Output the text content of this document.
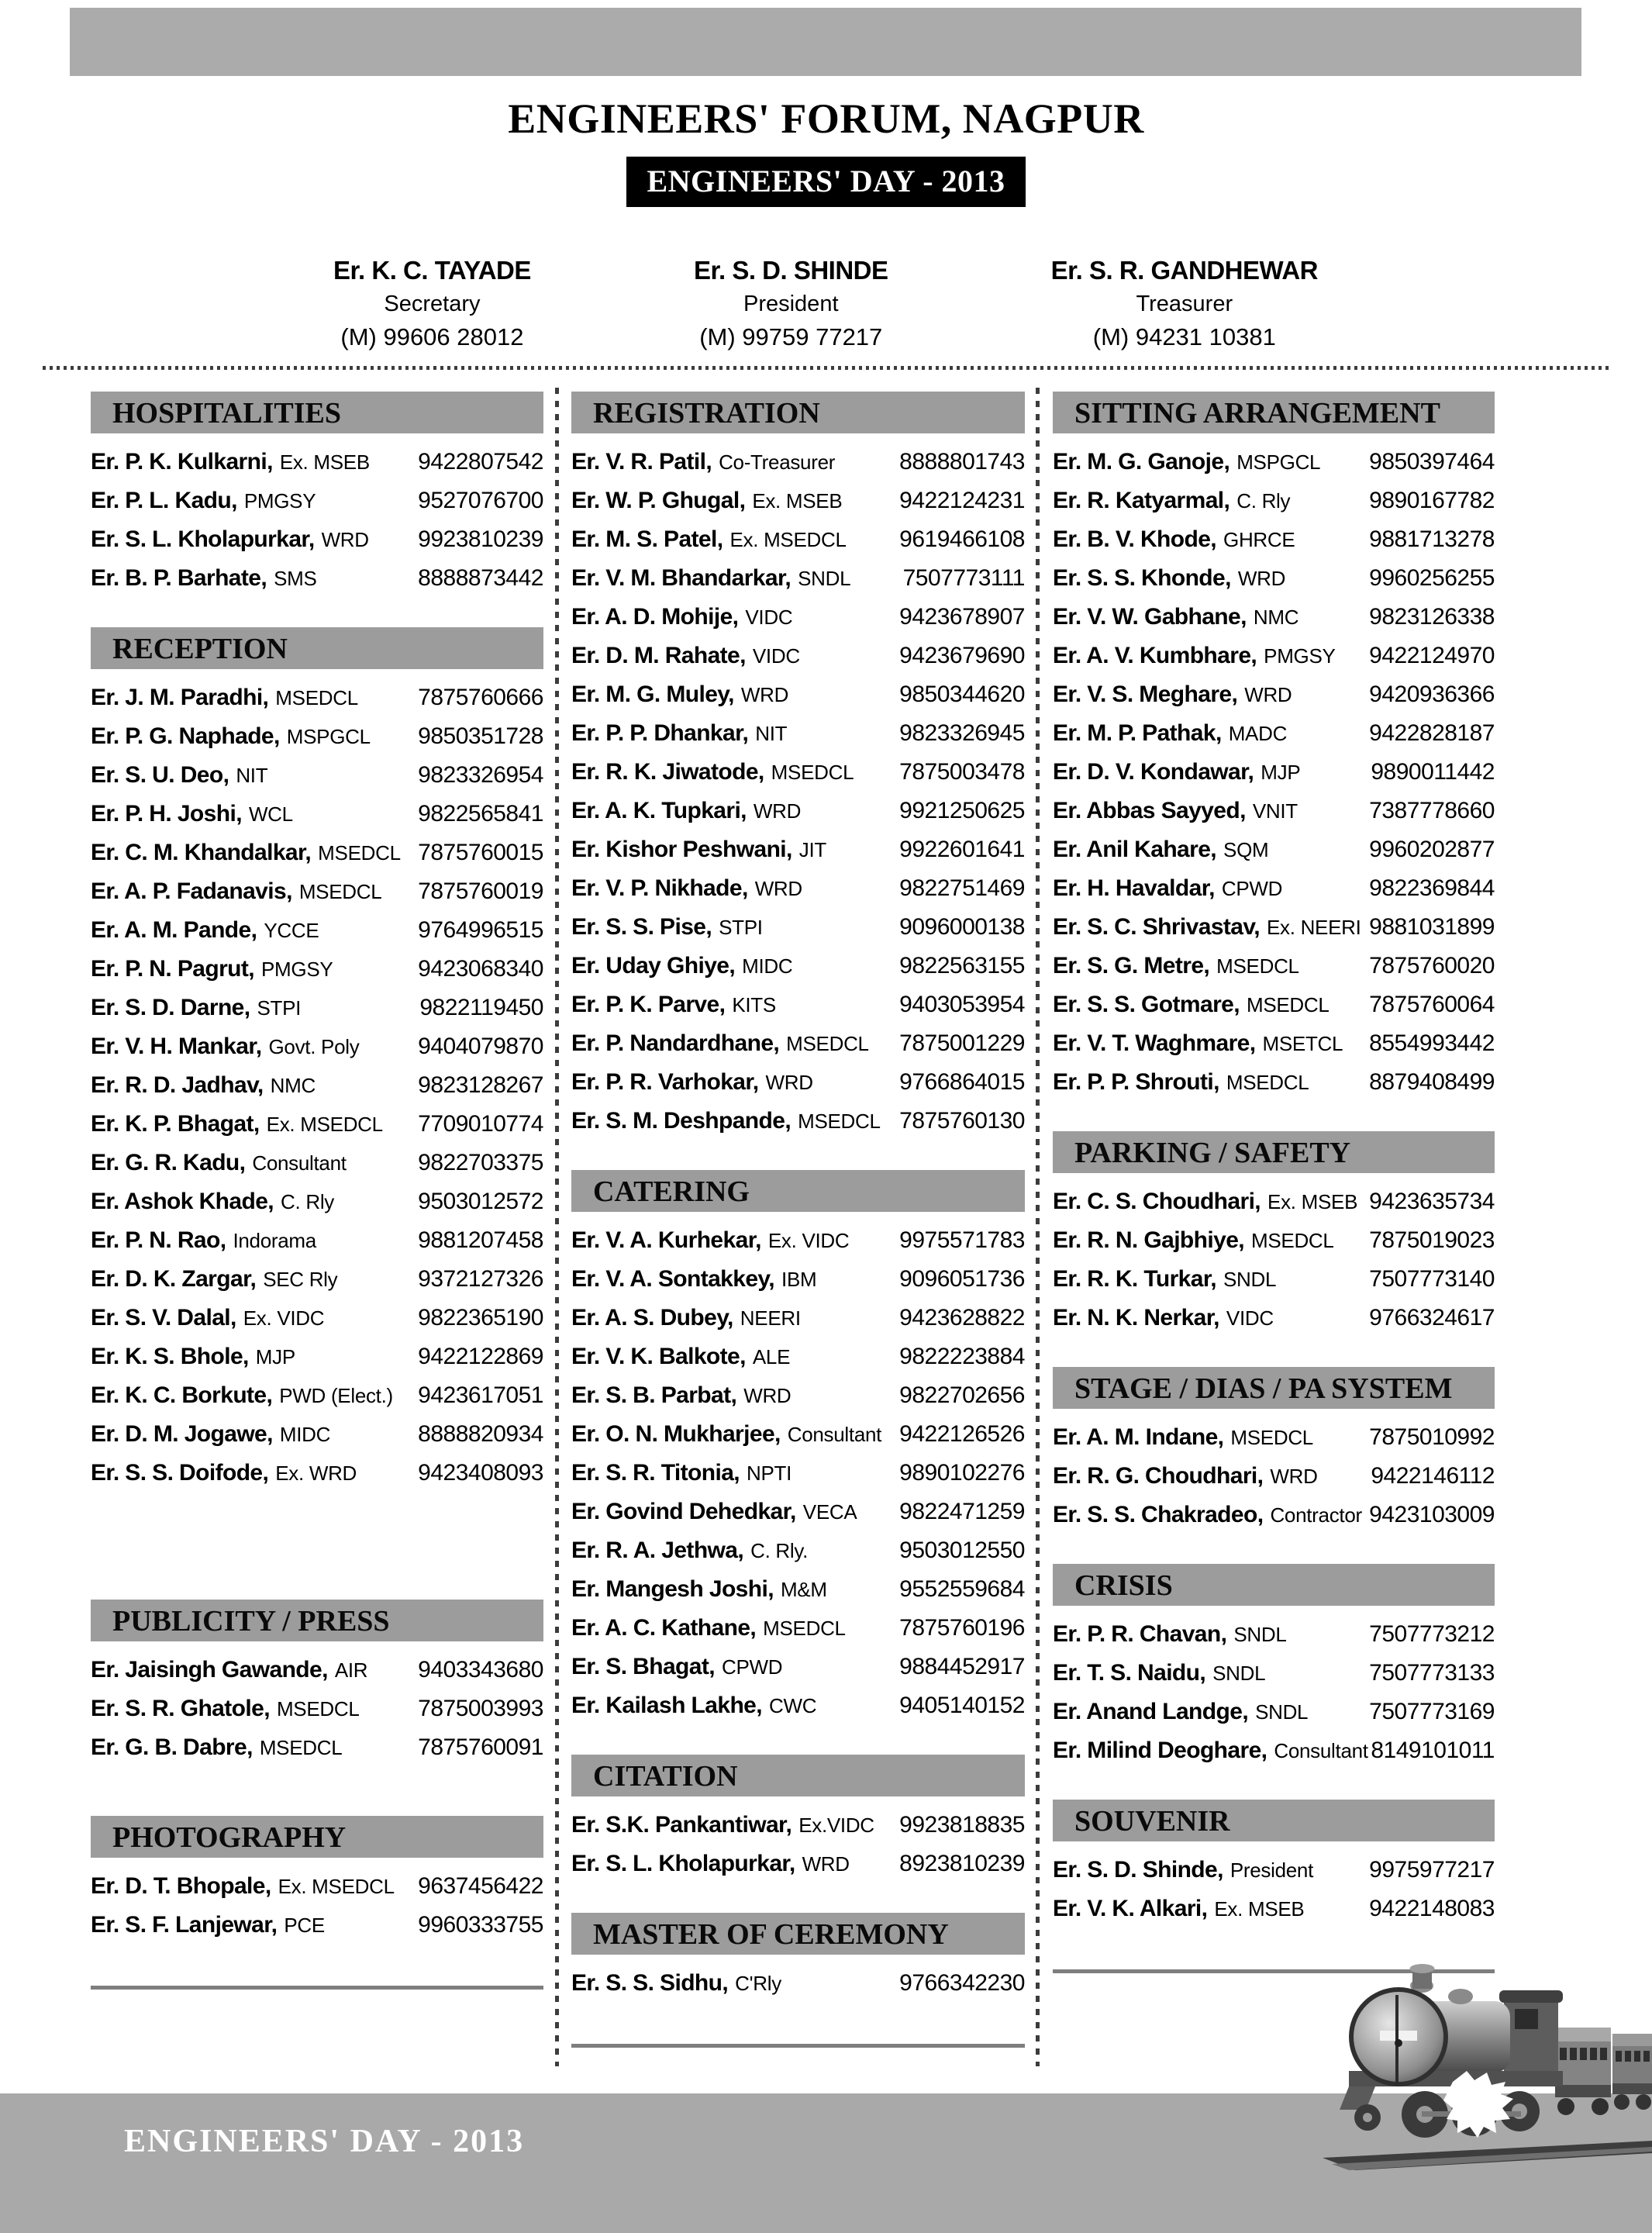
ENGINEERS' FORUM, NAGPUR
ENGINEERS' DAY - 2013
Er. K. C. TAYADE
Secretary
(M) 99606 28012
Er. S. D. SHINDE
President
(M) 99759 77217
Er. S. R. GANDHEWAR
Treasurer
(M) 94231 10381
HOSPITALITIES
Er. P. K. Kulkarni, Ex. MSEB 9422807542
Er. P. L. Kadu, PMGSY	9527076700
Er. S. L. Kholapurkar, WRD 9923810239
Er. B. P. Barhate, SMS	8888873442
RECEPTION
Er. J. M. Paradhi, MSEDCL	7875760666
Er. P. G. Naphade, MSPGCL 9850351728
Er. S. U. Deo, NIT	9823326954
Er. P. H. Joshi, WCL	9822565841
Er. C. M. Khandalkar, MSEDCL 7875760015
Er. A. P. Fadanavis, MSEDCL 7875760019
Er. A. M. Pande, YCCE	9764996515
Er. P. N. Pagrut, PMGSY	9423068340
Er. S. D. Darne, STPI	9822119450
Er. V. H. Mankar, Govt. Poly	9404079870
Er. R. D. Jadhav, NMC	9823128267
Er. K. P. Bhagat, Ex. MSEDCL 7709010774
Er. G. R. Kadu, Consultant	9822703375
Er. Ashok Khade, C. Rly	9503012572
Er. P. N. Rao, Indorama	9881207458
Er. D. K. Zargar, SEC Rly	9372127326
Er. S. V. Dalal, Ex. VIDC	9822365190
Er. K. S. Bhole, MJP	9422122869
Er. K. C. Borkute, PWD (Elect.) 9423617051
Er. D. M. Jogawe, MIDC	8888820934
Er. S. S. Doifode, Ex. WRD	9423408093
PUBLICITY / PRESS
Er. Jaisingh Gawande, AIR 9403343680
Er. S. R. Ghatole, MSEDCL	7875003993
Er. G. B. Dabre, MSEDCL	7875760091
PHOTOGRAPHY
Er. D. T. Bhopale, Ex. MSEDCL 9637456422
Er. S. F. Lanjewar, PCE	9960333755
REGISTRATION
Er. V. R. Patil, Co-Treasurer	8888801743
Er. W. P. Ghugal, Ex. MSEB 9422124231
Er. M. S. Patel, Ex. MSEDCL 9619466108
Er. V. M. Bhandarkar, SNDL 7507773111
Er. A. D. Mohije, VIDC	9423678907
Er. D. M. Rahate, VIDC	9423679690
Er. M. G. Muley, WRD	9850344620
Er. P. P. Dhankar, NIT	9823326945
Er. R. K. Jiwatode, MSEDCL 7875003478
Er. A. K. Tupkari, WRD	9921250625
Er. Kishor Peshwani, JIT	9922601641
Er. V. P. Nikhade, WRD	9822751469
Er. S. S. Pise, STPI	9096000138
Er. Uday Ghiye, MIDC	9822563155
Er. P. K. Parve, KITS	9403053954
Er. P. Nandardhane, MSEDCL 7875001229
Er. P. R. Varhokar, WRD	9766864015
Er. S. M. Deshpande, MSEDCL 7875760130
CATERING
Er. V. A. Kurhekar, Ex. VIDC 9975571783
Er. V. A. Sontakkey, IBM	9096051736
Er. A. S. Dubey, NEERI	9423628822
Er. V. K. Balkote, ALE	9822223884
Er. S. B. Parbat, WRD	9822702656
Er. O. N. Mukharjee, Consultant 9422126526
Er. S. R. Titonia, NPTI	9890102276
Er. Govind Dehedkar, VECA 9822471259
Er. R. A. Jethwa, C. Rly.	9503012550
Er. Mangesh Joshi, M&M	9552559684
Er. A. C. Kathane, MSEDCL 7875760196
Er. S. Bhagat, CPWD	9884452917
Er. Kailash Lakhe, CWC	9405140152
CITATION
Er. S.K. Pankantiwar, Ex.VIDC 9923818835
Er. S. L. Kholapurkar, WRD 8923810239
MASTER OF CEREMONY
Er. S. S. Sidhu, C'Rly	9766342230
SITTING ARRANGEMENT
Er. M. G. Ganoje, MSPGCL 9850397464
Er. R. Katyarmal, C. Rly	9890167782
Er. B. V. Khode, GHRCE	9881713278
Er. S. S. Khonde, WRD	9960256255
Er. V. W. Gabhane, NMC	9823126338
Er. A. V. Kumbhare, PMGSY 9422124970
Er. V. S. Meghare, WRD	9420936366
Er. M. P. Pathak, MADC	9422828187
Er. D. V. Kondawar, MJP	9890011442
Er. Abbas Sayyed, VNIT	7387778660
Er. Anil Kahare, SQM	9960202877
Er. H. Havaldar, CPWD	9822369844
Er. S. C. Shrivastav, Ex. NEERI 9881031899
Er. S. G. Metre, MSEDCL	7875760020
Er. S. S. Gotmare, MSEDCL 7875760064
Er. V. T. Waghmare, MSETCL 8554993442
Er. P. P. Shrouti, MSEDCL	8879408499
PARKING / SAFETY
Er. C. S. Choudhari, Ex. MSEB 9423635734
Er. R. N. Gajbhiye, MSEDCL 7875019023
Er. R. K. Turkar, SNDL	7507773140
Er. N. K. Nerkar, VIDC	9766324617
STAGE / DIAS / PA SYSTEM
Er. A. M. Indane, MSEDCL 7875010992
Er. R. G. Choudhari, WRD 9422146112
Er. S. S. Chakradeo, Contractor 9423103009
CRISIS
Er. P. R. Chavan, SNDL	7507773212
Er. T. S. Naidu, SNDL	7507773133
Er. Anand Landge, SNDL	7507773169
Er. Milind Deoghare, Consultant 8149101011
SOUVENIR
Er. S. D. Shinde, President 9975977217
Er. V. K. Alkari, Ex. MSEB	9422148083
ENGINEERS' DAY - 2013
